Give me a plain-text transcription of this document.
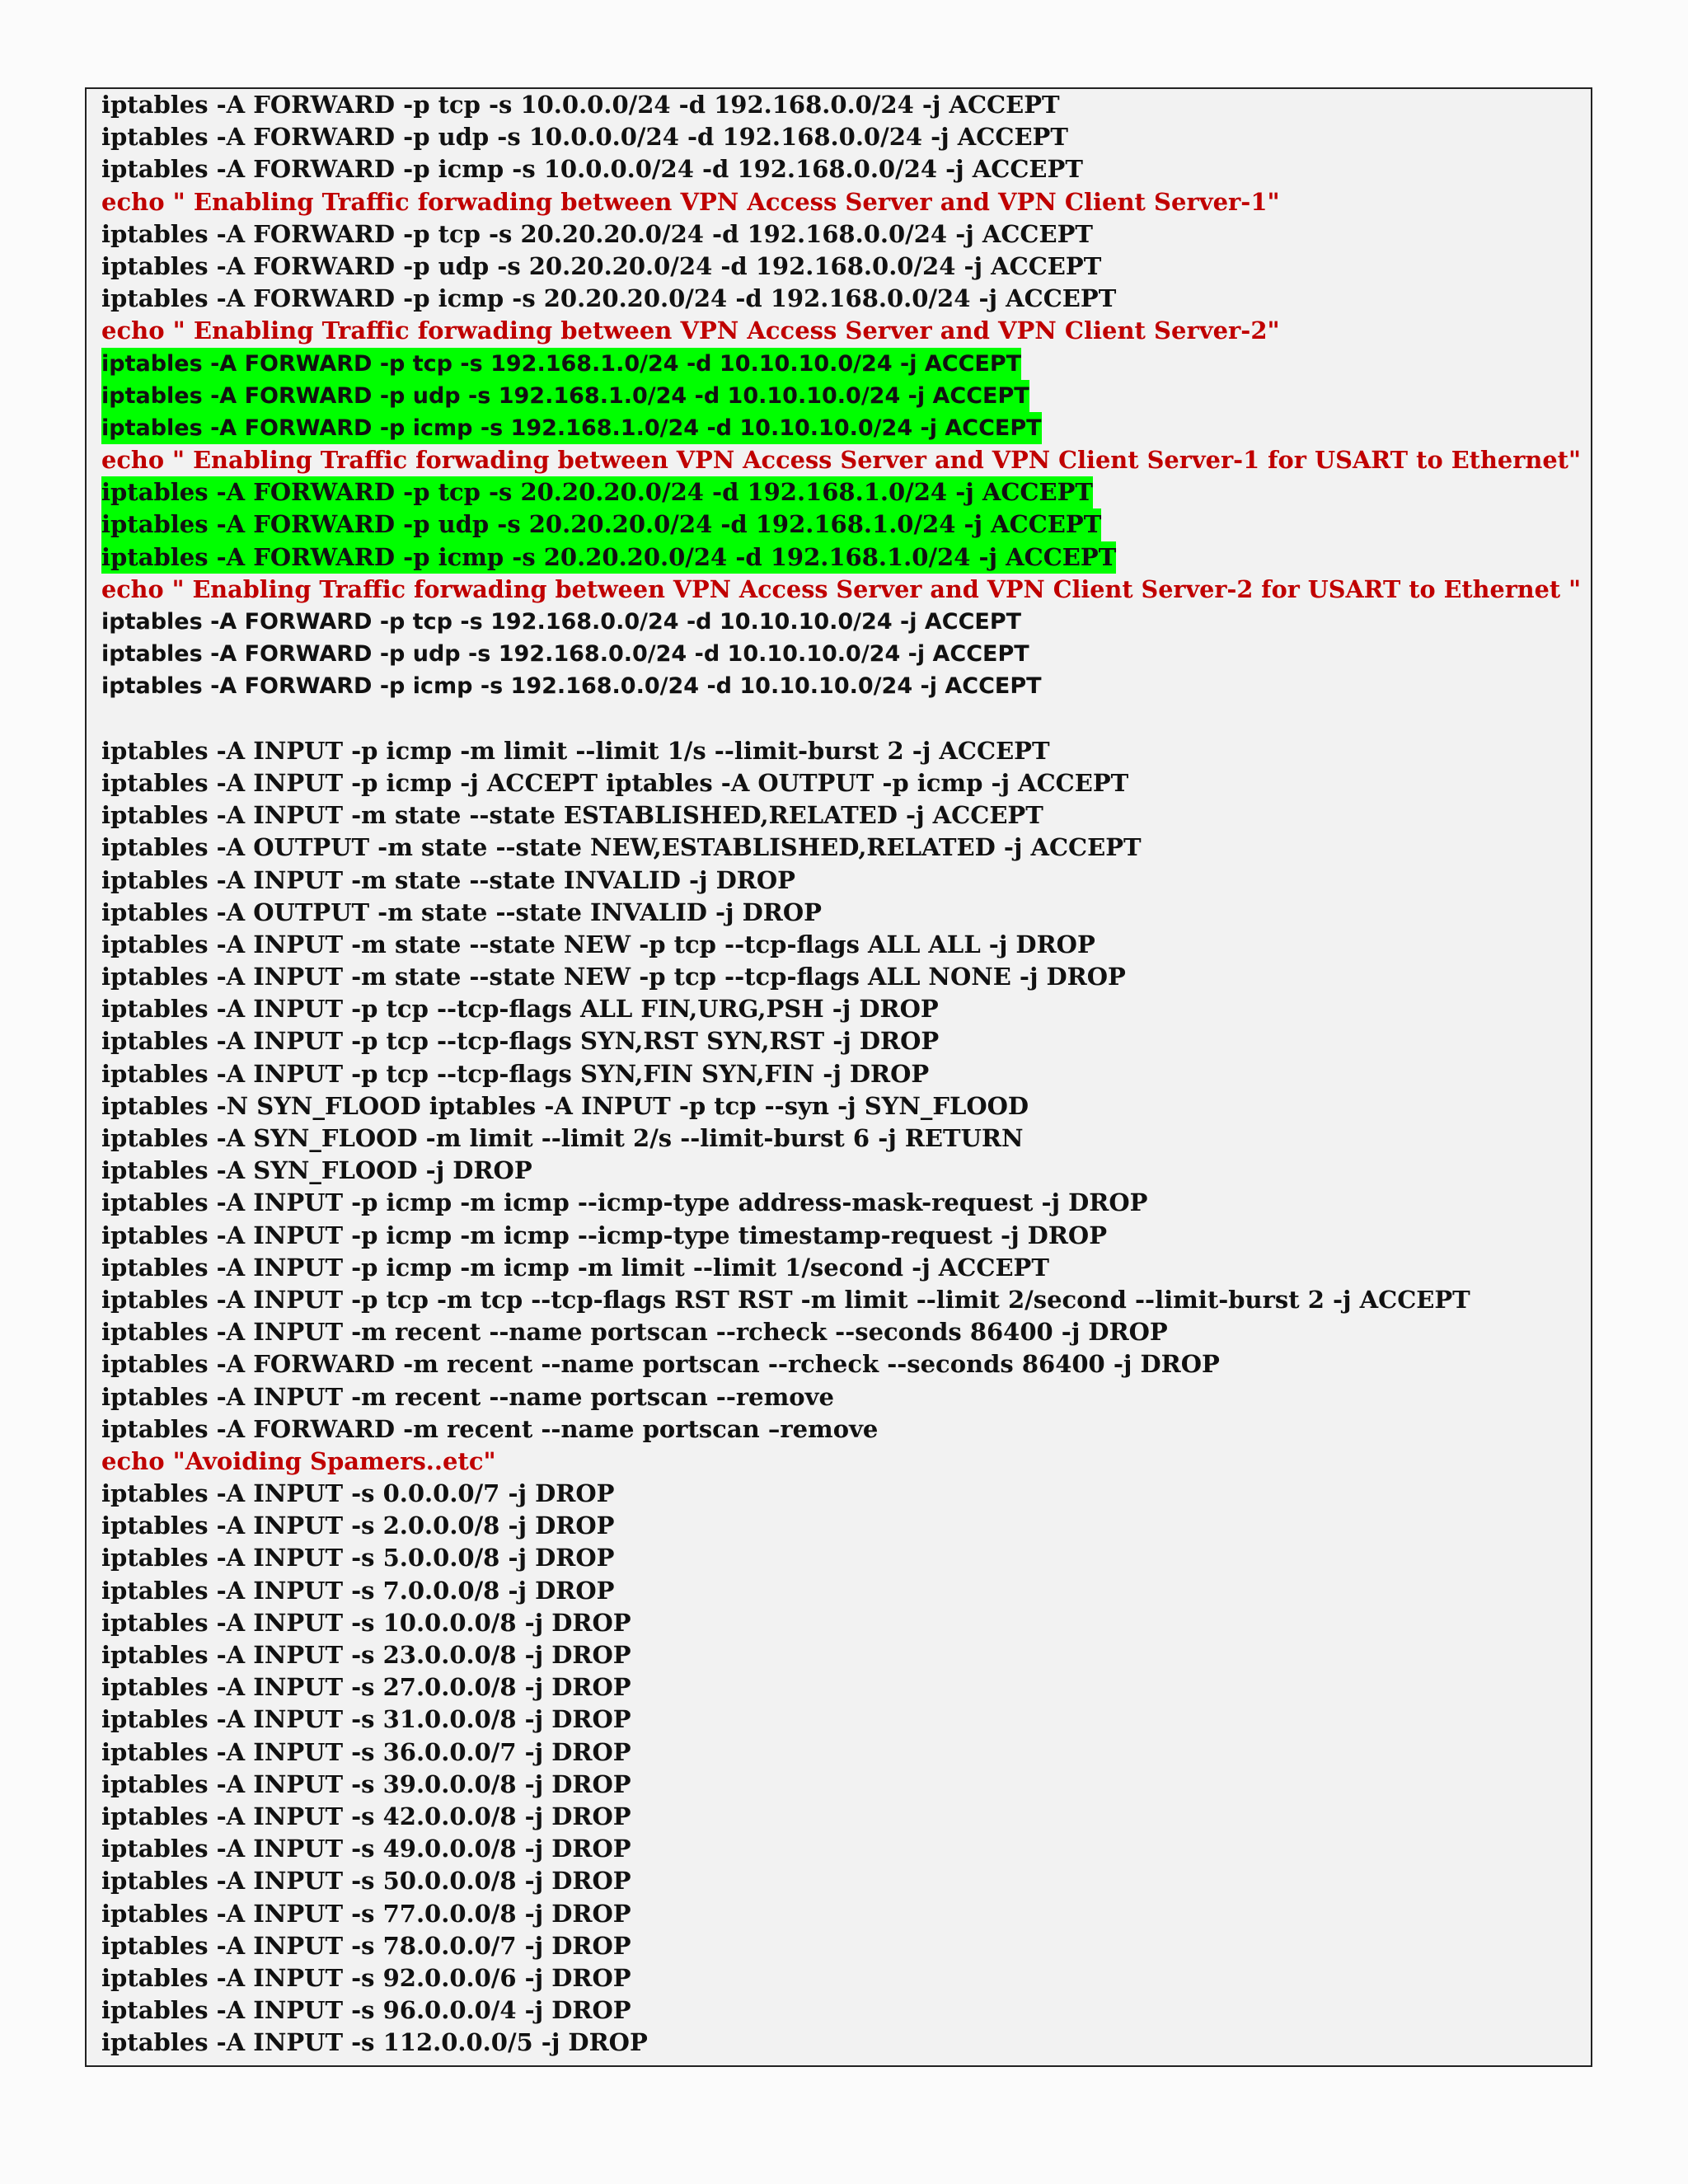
iptables -A FORWARD -p tcp -s 10.0.0.0/24 -d 192.168.0.0/24 -j ACCEPT
iptables -A FORWARD -p udp -s 10.0.0.0/24 -d 192.168.0.0/24 -j ACCEPT
iptables -A FORWARD -p icmp -s 10.0.0.0/24 -d 192.168.0.0/24 -j ACCEPT
echo " Enabling Traffic forwading between VPN Access Server and VPN Client Server-1"
iptables -A FORWARD -p tcp -s 20.20.20.0/24 -d 192.168.0.0/24 -j ACCEPT
iptables -A FORWARD -p udp -s 20.20.20.0/24 -d 192.168.0.0/24 -j ACCEPT
iptables -A FORWARD -p icmp -s 20.20.20.0/24 -d 192.168.0.0/24 -j ACCEPT
echo " Enabling Traffic forwading between VPN Access Server and VPN Client Server-2"
iptables -A FORWARD -p tcp -s 192.168.1.0/24 -d 10.10.10.0/24 -j ACCEPT
iptables -A FORWARD -p udp -s 192.168.1.0/24 -d 10.10.10.0/24 -j ACCEPT
iptables -A FORWARD -p icmp -s 192.168.1.0/24 -d 10.10.10.0/24 -j ACCEPT
echo " Enabling Traffic forwading between VPN Access Server and VPN Client Server-1 for USART to Ethernet"
iptables -A FORWARD -p tcp -s 20.20.20.0/24 -d 192.168.1.0/24 -j ACCEPT
iptables -A FORWARD -p udp -s 20.20.20.0/24 -d 192.168.1.0/24 -j ACCEPT
iptables -A FORWARD -p icmp -s 20.20.20.0/24 -d 192.168.1.0/24 -j ACCEPT
echo " Enabling Traffic forwading between VPN Access Server and VPN Client Server-2 for USART to Ethernet "
iptables -A FORWARD -p tcp -s 192.168.0.0/24 -d 10.10.10.0/24 -j ACCEPT
iptables -A FORWARD -p udp -s 192.168.0.0/24 -d 10.10.10.0/24 -j ACCEPT
iptables -A FORWARD -p icmp -s 192.168.0.0/24 -d 10.10.10.0/24 -j ACCEPT
iptables -A INPUT -p icmp -m limit --limit 1/s --limit-burst 2 -j ACCEPT
iptables -A INPUT -p icmp -j ACCEPT iptables -A OUTPUT -p icmp -j ACCEPT
iptables -A INPUT -m state --state ESTABLISHED,RELATED -j ACCEPT
iptables -A OUTPUT -m state --state NEW,ESTABLISHED,RELATED -j ACCEPT
iptables -A INPUT -m state --state INVALID -j DROP
iptables -A OUTPUT -m state --state INVALID -j DROP
iptables -A INPUT -m state --state NEW -p tcp --tcp-flags ALL ALL -j DROP
iptables -A INPUT -m state --state NEW -p tcp --tcp-flags ALL NONE -j DROP
iptables -A INPUT -p tcp --tcp-flags ALL FIN,URG,PSH -j DROP
iptables -A INPUT -p tcp --tcp-flags SYN,RST SYN,RST -j DROP
iptables -A INPUT -p tcp --tcp-flags SYN,FIN SYN,FIN -j DROP
iptables -N SYN_FLOOD iptables -A INPUT -p tcp --syn -j SYN_FLOOD
iptables -A SYN_FLOOD -m limit --limit 2/s --limit-burst 6 -j RETURN
iptables -A SYN_FLOOD -j DROP
iptables -A INPUT -p icmp -m icmp --icmp-type address-mask-request -j DROP
iptables -A INPUT -p icmp -m icmp --icmp-type timestamp-request -j DROP
iptables -A INPUT -p icmp -m icmp -m limit --limit 1/second -j ACCEPT
iptables -A INPUT -p tcp -m tcp --tcp-flags RST RST -m limit --limit 2/second --limit-burst 2 -j ACCEPT
iptables -A INPUT -m recent --name portscan --rcheck --seconds 86400 -j DROP
iptables -A FORWARD -m recent --name portscan --rcheck --seconds 86400 -j DROP
iptables -A INPUT -m recent --name portscan --remove
iptables -A FORWARD -m recent --name portscan –remove
echo "Avoiding Spamers..etc"
iptables -A INPUT -s 0.0.0.0/7 -j DROP
iptables -A INPUT -s 2.0.0.0/8 -j DROP
iptables -A INPUT -s 5.0.0.0/8 -j DROP
iptables -A INPUT -s 7.0.0.0/8 -j DROP
iptables -A INPUT -s 10.0.0.0/8 -j DROP
iptables -A INPUT -s 23.0.0.0/8 -j DROP
iptables -A INPUT -s 27.0.0.0/8 -j DROP
iptables -A INPUT -s 31.0.0.0/8 -j DROP
iptables -A INPUT -s 36.0.0.0/7 -j DROP
iptables -A INPUT -s 39.0.0.0/8 -j DROP
iptables -A INPUT -s 42.0.0.0/8 -j DROP
iptables -A INPUT -s 49.0.0.0/8 -j DROP
iptables -A INPUT -s 50.0.0.0/8 -j DROP
iptables -A INPUT -s 77.0.0.0/8 -j DROP
iptables -A INPUT -s 78.0.0.0/7 -j DROP
iptables -A INPUT -s 92.0.0.0/6 -j DROP
iptables -A INPUT -s 96.0.0.0/4 -j DROP
iptables -A INPUT -s 112.0.0.0/5 -j DROP
